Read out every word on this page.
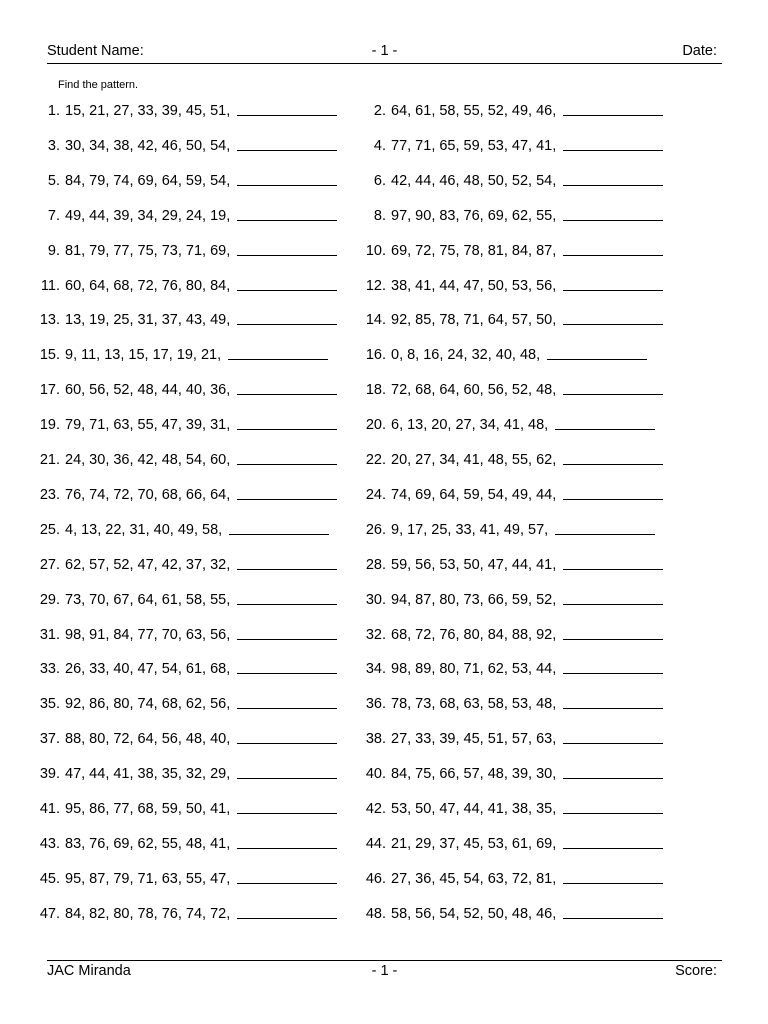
Student Name:	- 1 -	Date:
Find the pattern.
1. 15, 21, 27, 33, 39, 45, 51,	2. 64, 61, 58, 55, 52, 49, 46,
3. 30, 34, 38, 42, 46, 50, 54,	4. 77, 71, 65, 59, 53, 47, 41,
5. 84, 79, 74, 69, 64, 59, 54,	6. 42, 44, 46, 48, 50, 52, 54,
7. 49, 44, 39, 34, 29, 24, 19,	8. 97, 90, 83, 76, 69, 62, 55,
9. 81, 79, 77, 75, 73, 71, 69,	10. 69, 72, 75, 78, 81, 84, 87,
11. 60, 64, 68, 72, 76, 80, 84,	12. 38, 41, 44, 47, 50, 53, 56,
13. 13, 19, 25, 31, 37, 43, 49,	14. 92, 85, 78, 71, 64, 57, 50,
15. 9, 11, 13, 15, 17, 19, 21,	16. 0, 8, 16, 24, 32, 40, 48,
17. 60, 56, 52, 48, 44, 40, 36,	18. 72, 68, 64, 60, 56, 52, 48,
19. 79, 71, 63, 55, 47, 39, 31,	20. 6, 13, 20, 27, 34, 41, 48,
21. 24, 30, 36, 42, 48, 54, 60,	22. 20, 27, 34, 41, 48, 55, 62,
23. 76, 74, 72, 70, 68, 66, 64,	24. 74, 69, 64, 59, 54, 49, 44,
25. 4, 13, 22, 31, 40, 49, 58,	26. 9, 17, 25, 33, 41, 49, 57,
27. 62, 57, 52, 47, 42, 37, 32,	28. 59, 56, 53, 50, 47, 44, 41,
29. 73, 70, 67, 64, 61, 58, 55,	30. 94, 87, 80, 73, 66, 59, 52,
31. 98, 91, 84, 77, 70, 63, 56,	32. 68, 72, 76, 80, 84, 88, 92,
33. 26, 33, 40, 47, 54, 61, 68,	34. 98, 89, 80, 71, 62, 53, 44,
35. 92, 86, 80, 74, 68, 62, 56,	36. 78, 73, 68, 63, 58, 53, 48,
37. 88, 80, 72, 64, 56, 48, 40,	38. 27, 33, 39, 45, 51, 57, 63,
39. 47, 44, 41, 38, 35, 32, 29,	40. 84, 75, 66, 57, 48, 39, 30,
41. 95, 86, 77, 68, 59, 50, 41,	42. 53, 50, 47, 44, 41, 38, 35,
43. 83, 76, 69, 62, 55, 48, 41,	44. 21, 29, 37, 45, 53, 61, 69,
45. 95, 87, 79, 71, 63, 55, 47,	46. 27, 36, 45, 54, 63, 72, 81,
47. 84, 82, 80, 78, 76, 74, 72,	48. 58, 56, 54, 52, 50, 48, 46,
JAC Miranda	- 1 -	Score:
